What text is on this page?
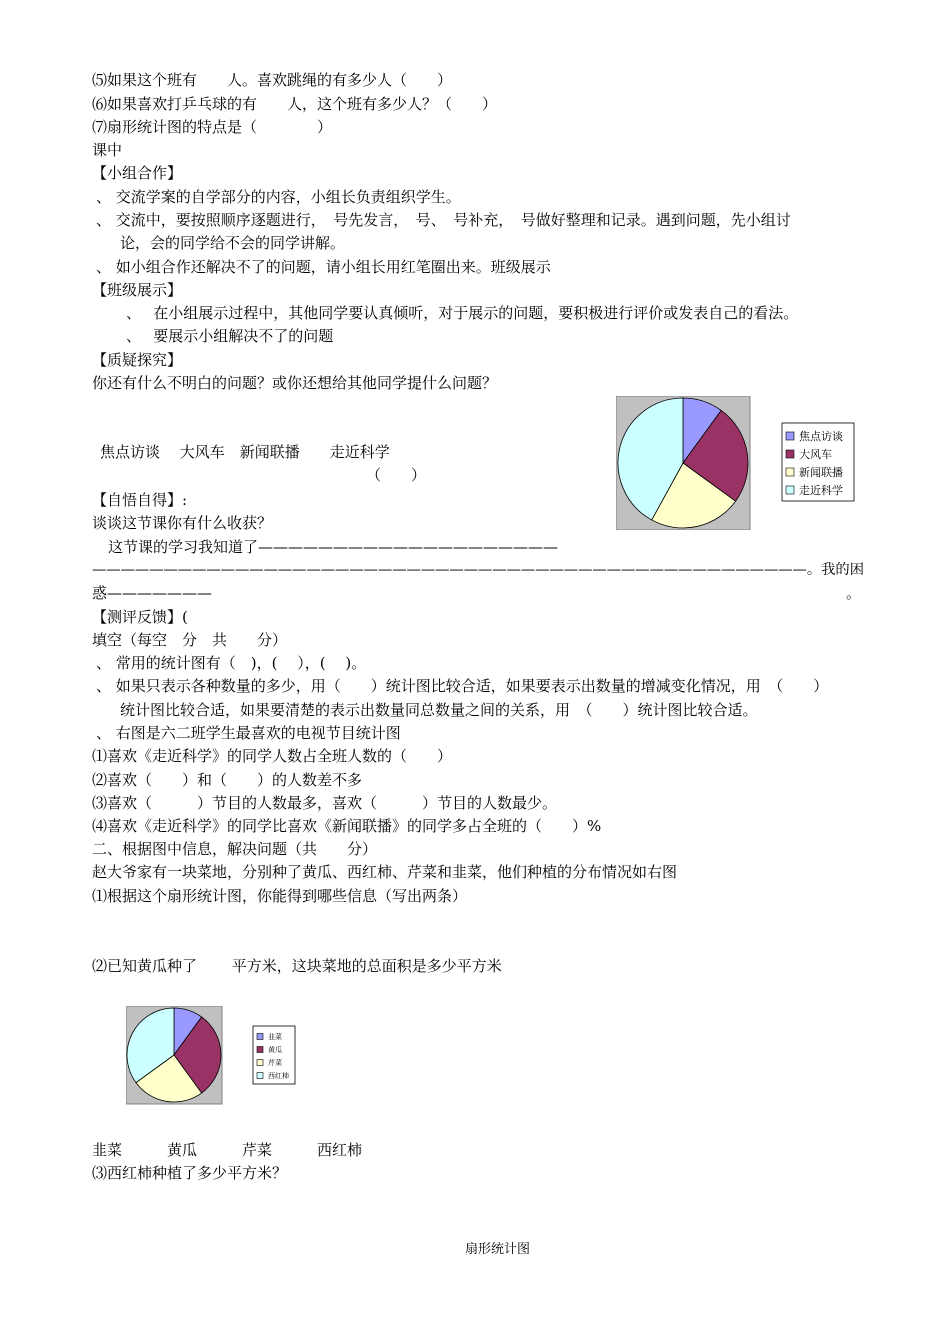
⑸如果这个班有　　人。喜欢跳绳的有多少人（　　）
⑹如果喜欢打乒乓球的有　　人，这个班有多少人？（　　）
⑺扇形统计图的特点是（　　　　）
课中
【小组合作】
、 交流学案的自学部分的内容，小组长负责组织学生。
、 交流中，要按照顺序逐题进行，　号先发言，　号、　号补充，　号做好整理和记录。遇到问题，先小组讨
论，会的同学给不会的同学讲解。
、 如小组合作还解决不了的问题，请小组长用红笔圈出来。班级展示
【班级展示】
、　 在小组展示过程中，其他同学要认真倾听，对于展示的问题，要积极进行评价或发表自己的看法。
、　 要展示小组解决不了的问题
【质疑探究】
你还有什么不明白的问题？或你还想给其他同学提什么问题？
焦点访谈　 大风车　新闻联播　　走近科学
（　　）
焦点访谈
大风车
新闻联播
走近科学
【自悟自得】:
谈谈这节课你有什么收获？
这节课的学习我知道了————————————————————
——————————————————————————————————————————————————。我的困
惑———————	。
【测评反馈】(
填空（每空　分　共　　分）
、 常用的统计图有（　)，(　 ），(　 )。
、 如果只表示各种数量的多少，用（　　）统计图比较合适，如果要表示出数量的增减变化情况，用　（　　）
统计图比较合适，如果要清楚的表示出数量同总数量之间的关系，用　（　　）统计图比较合适。
、 右图是六二班学生最喜欢的电视节目统计图
⑴喜欢《走近科学》的同学人数占全班人数的（　　）
⑵喜欢（　　）和（　　）的人数差不多
⑶喜欢（　　　）节目的人数最多，喜欢（　　　）节目的人数最少。
⑷喜欢《走近科学》的同学比喜欢《新闻联播》的同学多占全班的（　　）%
二、根据图中信息，解决问题（共　　分）
赵大爷家有一块菜地，分别种了黄瓜、西红柿、芹菜和韭菜，他们种植的分布情况如右图
⑴根据这个扇形统计图，你能得到哪些信息（写出两条）
⑵已知黄瓜种了　　 平方米，这块菜地的总面积是多少平方米
韭菜
黄瓜
芹菜
西红柿
韭菜　　　黄瓜　　　芹菜　　　西红柿
⑶西红柿种植了多少平方米？
扇形统计图
